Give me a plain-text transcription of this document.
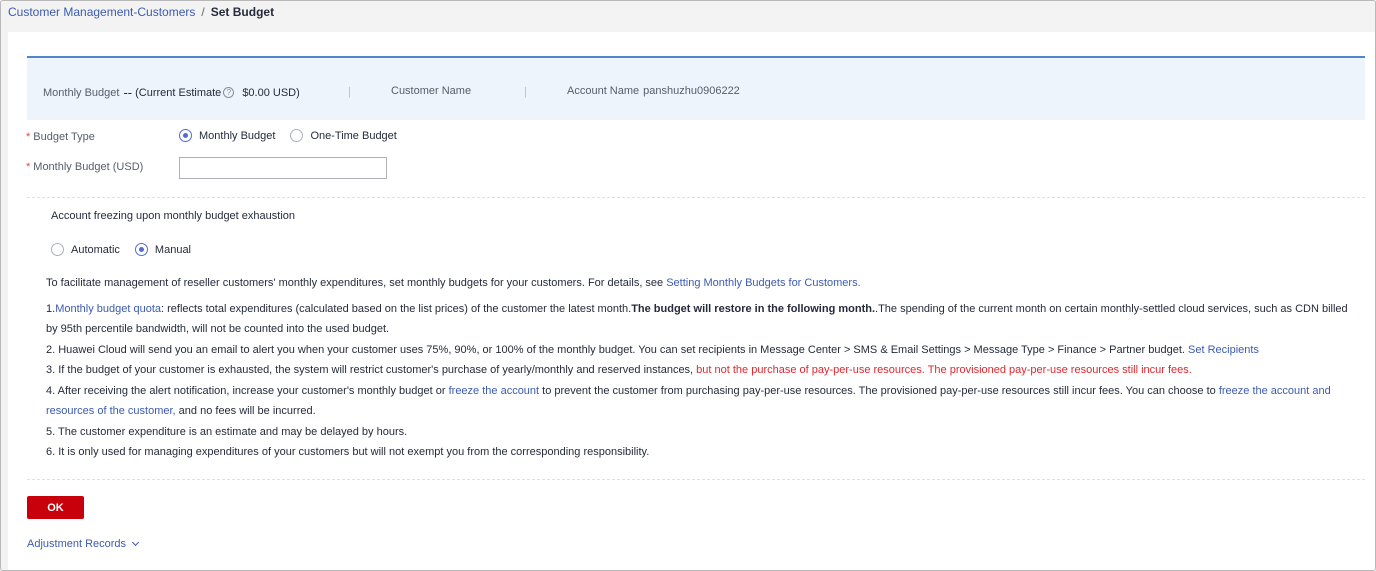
Customer Management-Customers / Set Budget
Monthly Budget -- (Current Estimate ? $0.00 USD)	|	Customer Name	|	Account Name panshuzhu0906222
* Budget Type	Monthly Budget	One-Time Budget
* Monthly Budget (USD)
Account freezing upon monthly budget exhaustion
Automatic	Manual

To facilitate management of reseller customers' monthly expenditures, set monthly budgets for your customers. For details, see Setting Monthly Budgets for Customers.

1.Monthly budget quota: reflects total expenditures (calculated based on the list prices) of the customer the latest month.The budget will restore in the following month..The spending of the current month on certain monthly-settled cloud services, such as CDN billed by 95th percentile bandwidth, will not be counted into the used budget.

2. Huawei Cloud will send you an email to alert you when your customer uses 75%, 90%, or 100% of the monthly budget. You can set recipients in Message Center > SMS & Email Settings > Message Type > Finance > Partner budget. Set Recipients

3. If the budget of your customer is exhausted, the system will restrict customer's purchase of yearly/monthly and reserved instances, but not the purchase of pay-per-use resources. The provisioned pay-per-use resources still incur fees.

4. After receiving the alert notification, increase your customer's monthly budget or freeze the account to prevent the customer from purchasing pay-per-use resources. The provisioned pay-per-use resources still incur fees. You can choose to freeze the account and resources of the customer, and no fees will be incurred.

5. The customer expenditure is an estimate and may be delayed by hours.

6. It is only used for managing expenditures of your customers but will not exempt you from the corresponding responsibility.

OK
Adjustment Records
